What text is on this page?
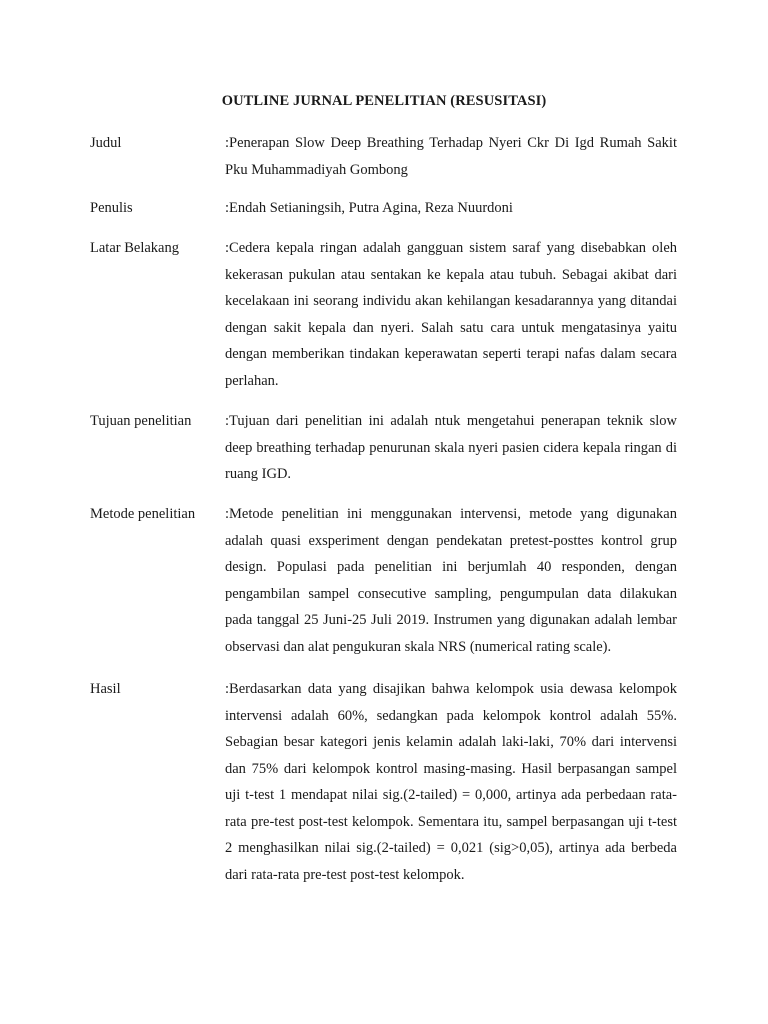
OUTLINE JURNAL PENELITIAN (RESUSITASI)
Judul	:Penerapan Slow Deep Breathing Terhadap Nyeri Ckr Di Igd Rumah Sakit Pku Muhammadiyah Gombong

Penulis	:Endah Setianingsih, Putra Agina, Reza Nuurdoni

Latar Belakang	:Cedera kepala ringan adalah gangguan sistem saraf yang disebabkan oleh kekerasan pukulan atau sentakan ke kepala atau tubuh. Sebagai akibat dari kecelakaan ini seorang individu akan kehilangan kesadarannya yang ditandai dengan sakit kepala dan nyeri. Salah satu cara untuk mengatasinya yaitu dengan memberikan tindakan keperawatan seperti terapi nafas dalam secara perlahan.

Tujuan penelitian :Tujuan dari penelitian ini adalah ntuk mengetahui penerapan teknik slow deep breathing terhadap penurunan skala nyeri pasien cidera kepala ringan di ruang IGD.

Metode penelitian :Metode penelitian ini menggunakan intervensi, metode yang digunakan adalah quasi exsperiment dengan pendekatan pretest-posttes kontrol grup design. Populasi pada penelitian ini berjumlah 40 responden, dengan pengambilan sampel consecutive sampling, pengumpulan data dilakukan pada tanggal 25 Juni-25 Juli 2019. Instrumen yang digunakan adalah lembar observasi dan alat pengukuran skala NRS (numerical rating scale).

Hasil	:Berdasarkan data yang disajikan bahwa kelompok usia dewasa kelompok intervensi adalah 60%, sedangkan pada kelompok kontrol adalah 55%. Sebagian besar kategori jenis kelamin adalah laki-laki, 70% dari intervensi dan 75% dari kelompok kontrol masing-masing. Hasil berpasangan sampel uji t-test 1 mendapat nilai sig.(2-tailed) = 0,000, artinya ada perbedaan rata-rata pre-test post-test kelompok. Sementara itu, sampel berpasangan uji t-test 2 menghasilkan nilai sig.(2-tailed) = 0,021 (sig>0,05), artinya ada berbeda dari rata-rata pre-test post-test kelompok.
